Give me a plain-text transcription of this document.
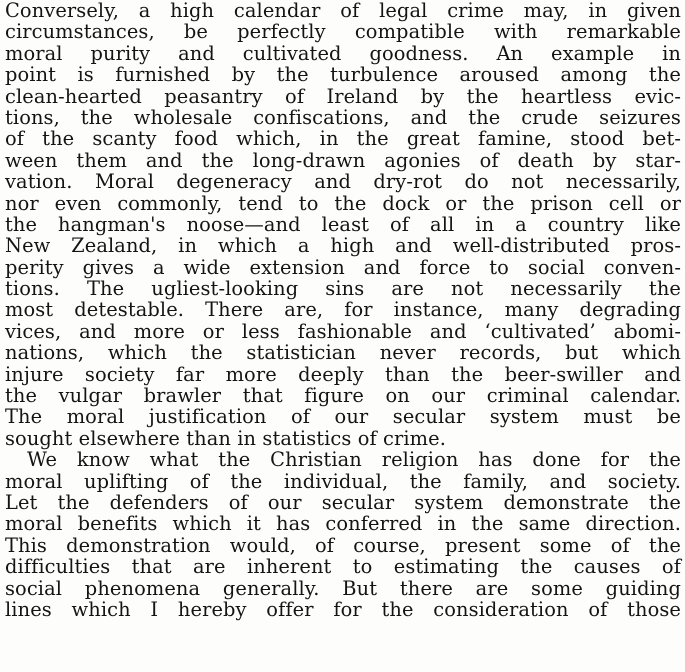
Conversely, a high calendar of legal crime may, in given
circumstances, be perfectly compatible with remarkable
moral purity and cultivated goodness. An example in
point is furnished by the turbulence aroused among the
clean-hearted peasantry of Ireland by the heartless evic-
tions, the wholesale confiscations, and the crude seizures
of the scanty food which, in the great famine, stood bet-
ween them and the long-drawn agonies of death by star-
vation. Moral degeneracy and dry-rot do not necessarily,
nor even commonly, tend to the dock or the prison cell or
the hangman's noose—and least of all in a country like
New Zealand, in which a high and well-distributed pros-
perity gives a wide extension and force to social conven-
tions. The ugliest-looking sins are not necessarily the
most detestable. There are, for instance, many degrading
vices, and more or less fashionable and ‘cultivated’ abomi-
nations, which the statistician never records, but which
injure society far more deeply than the beer-swiller and
the vulgar brawler that figure on our criminal calendar.
The moral justification of our secular system must be
sought elsewhere than in statistics of crime.
We know what the Christian religion has done for the
moral uplifting of the individual, the family, and society.
Let the defenders of our secular system demonstrate the
moral benefits which it has conferred in the same direction.
This demonstration would, of course, present some of the
difficulties that are inherent to estimating the causes of
social phenomena generally. But there are some guiding
lines which I hereby offer for the consideration of those
